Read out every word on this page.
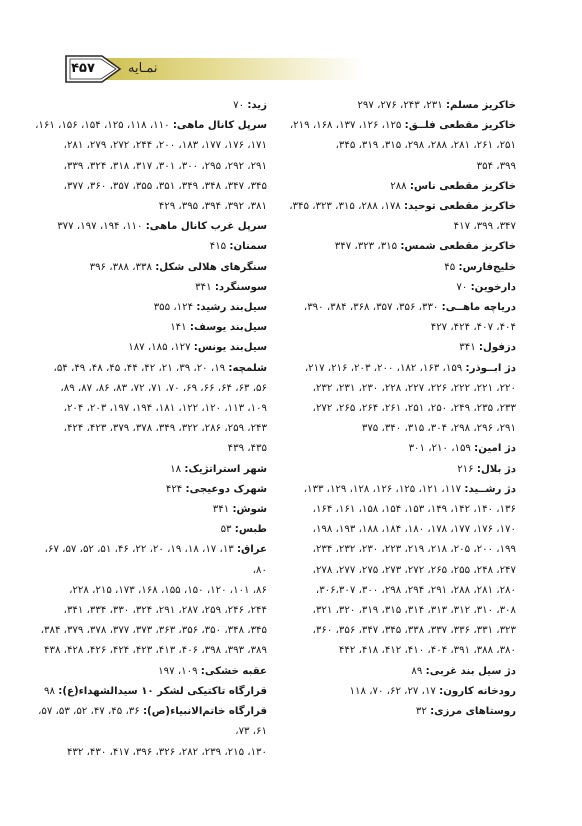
۴۵۷	نمـایه
خاکریز مسلم: ۲۳۱، ۲۴۳، ۲۷۶، ۲۹۷
خاکریز مقطعی فلــق: ۱۲۵، ۱۲۶، ۱۳۷، ۱۶۸، ۲۱۹،
۲۵۱، ۲۶۱، ۲۸۱، ۲۸۸، ۲۹۸، ۳۱۵، ۳۱۹، ۳۴۵،
۳۹۹، ۳۵۴
خاکریز مقطعی ناس: ۲۸۸
خاکریز مقطعی توحید: ۱۷۸، ۲۸۸، ۳۱۵، ۳۲۳، ۳۴۵،
۳۴۷، ۳۹۹، ۴۱۷
خاکریز مقطعی شمس: ۳۱۵، ۳۲۳، ۳۴۷
خلیج‌فارس: ۴۵
دارخوین: ۷۰
دریاچه ماهــی: ۳۳۰، ۳۵۶، ۳۵۷، ۳۶۸، ۳۸۴، ۳۹۰،
۴۰۴، ۴۰۷، ۴۲۴، ۴۲۷
دزفول: ۳۴۱
دژ ابــوذر: ۱۵۹، ۱۶۳، ۱۸۲، ۲۰۰، ۲۰۳، ۲۱۶، ۲۱۷،
۲۲۰، ۲۲۱، ۲۲۲، ۲۲۶، ۲۲۷، ۲۲۸، ۲۳۰، ۲۳۱، ۲۳۲،
۲۳۳، ۲۳۵، ۲۴۹، ۲۵۰، ۲۵۱، ۲۶۱، ۲۶۴، ۲۶۵، ۲۷۲،
۲۹۱، ۲۹۶، ۲۹۸، ۳۰۴، ۳۱۵، ۳۴۰، ۳۷۵
دژ امین: ۱۵۹، ۲۱۰، ۳۰۱
دژ بلال: ۲۱۶
دژ رشــید: ۱۱۷، ۱۲۱، ۱۲۵، ۱۲۶، ۱۲۸، ۱۲۹، ۱۳۳،
۱۳۶، ۱۴۰، ۱۴۲، ۱۴۹، ۱۵۳، ۱۵۴، ۱۵۸، ۱۶۱، ۱۶۴،
۱۷۰، ۱۷۶، ۱۷۷، ۱۷۸، ۱۸۰، ۱۸۴، ۱۸۸، ۱۹۳، ۱۹۸،
۱۹۹، ۲۰۰، ۲۰۵، ۲۱۸، ۲۱۹، ۲۲۳، ۲۳۰، ۲۳۲، ۲۳۴،
۲۴۷، ۲۴۸، ۲۵۵، ۲۶۵، ۲۷۲، ۲۷۳، ۲۷۵، ۲۷۷، ۲۷۸،
۲۸۰، ۲۸۱، ۲۸۸، ۲۹۱، ۲۹۴، ۲۹۸، ۳۰۰، ۳۰۶،۳۰۷،
۳۰۸، ۳۱۰، ۳۱۲، ۳۱۳، ۳۱۴، ۳۱۵، ۳۱۹، ۳۲۰، ۳۲۱،
۳۲۳، ۳۳۱، ۳۳۶، ۳۳۷، ۳۳۸، ۳۴۵، ۳۴۷، ۳۵۶، ۳۶۰،
۳۸۰، ۳۸۸، ۳۹۱، ۴۰۴، ۴۱۰، ۴۱۲، ۴۱۸، ۴۴۲
دژ سیل بند غربی: ۸۹
رودخانه کارون: ۱۷، ۲۷، ۶۲، ۷۰، ۱۱۸
روستاهای مرزی: ۳۲
زید: ۷۰
سرپل کانال ماهی: ۱۱۰، ۱۱۸، ۱۲۵، ۱۵۴، ۱۵۶، ۱۶۱،
۱۷۱، ۱۷۶، ۱۷۷، ۱۸۳، ۲۰۰، ۲۴۴، ۲۷۲، ۲۷۹، ۲۸۱،
۲۹۱، ۲۹۲، ۲۹۵، ۳۰۰، ۳۰۱، ۳۱۷، ۳۱۸، ۳۲۴، ۳۳۹،
۳۴۵، ۳۴۷، ۳۴۸، ۳۴۹، ۳۵۱، ۳۵۵، ۳۵۷، ۳۶۰، ۳۷۷،
۳۸۱، ۳۹۲، ۳۹۴، ۳۹۵، ۴۲۹
سرپل غرب کانال ماهی: ۱۱۰، ۱۹۴، ۱۹۷، ۳۷۷
سمنان: ۴۱۵
سنگرهای هلالی شکل: ۳۳۸، ۳۸۸، ۳۹۶
سوسنگرد: ۳۴۱
سیل‌بند رشید: ۱۲۴، ۳۵۵
سیل‌بند یوسف: ۱۴۱
سیل‌بند یونس: ۱۲۷، ۱۸۵، ۱۸۷
شلمچه: ۱۹، ۲۰، ۳۹، ۲۱، ۴۲، ۴۴، ۴۵، ۴۸، ۴۹، ۵۴،
۵۶، ۶۳، ۶۴، ۶۶، ۶۹، ۷۰، ۷۱، ۷۲، ۸۳، ۸۶، ۸۷، ۸۹،
۱۰۹، ۱۱۳، ۱۲۰، ۱۲۲، ۱۸۱، ۱۹۴، ۱۹۷، ۲۰۳، ۲۰۴،
۲۴۳، ۲۵۹، ۲۸۶، ۳۲۲، ۳۴۹، ۳۷۸، ۳۷۹، ۴۲۳، ۴۲۴،
۴۳۵، ۴۳۹
شهر استراتژیک: ۱۸
شهرک دوعیجی: ۴۲۴
شوش: ۳۴۱
طبس: ۵۳
عراق: ۱۳، ۱۷، ۱۸، ۱۹، ۲۰، ۲۲، ۴۶، ۵۱، ۵۲، ۵۷، ۶۷، ۸۰،
۸۶، ۱۰۱، ۱۲۰، ۱۵۰، ۱۵۵، ۱۶۸، ۱۷۳، ۲۱۵، ۲۲۸،
۲۴۴، ۲۴۶، ۲۵۹، ۲۸۷، ۲۹۱، ۳۲۴، ۳۳۰، ۳۳۴، ۳۴۱،
۳۴۵، ۳۴۸، ۳۵۰، ۳۵۶، ۳۶۳، ۳۷۳، ۳۷۷، ۳۷۸، ۳۷۹، ۳۸۴،
۳۸۹، ۳۹۳، ۳۹۸، ۴۰۶، ۴۱۳، ۴۲۳، ۴۲۴، ۴۲۶، ۴۲۸، ۴۳۸
عقبه خشکی: ۱۰۹، ۱۹۷
قرارگاه تاکتیکی لشکر ۱۰ سیدالشهداء(ع): ۹۸
قرارگاه خاتم‌الانبیاء(ص): ۳۶، ۴۵، ۴۷، ۵۲، ۵۳، ۵۷، ۶۱، ۷۳،
۱۳۰، ۲۱۵، ۲۳۹، ۲۸۲، ۳۲۶، ۳۹۶، ۴۱۷، ۴۳۰، ۴۳۲
